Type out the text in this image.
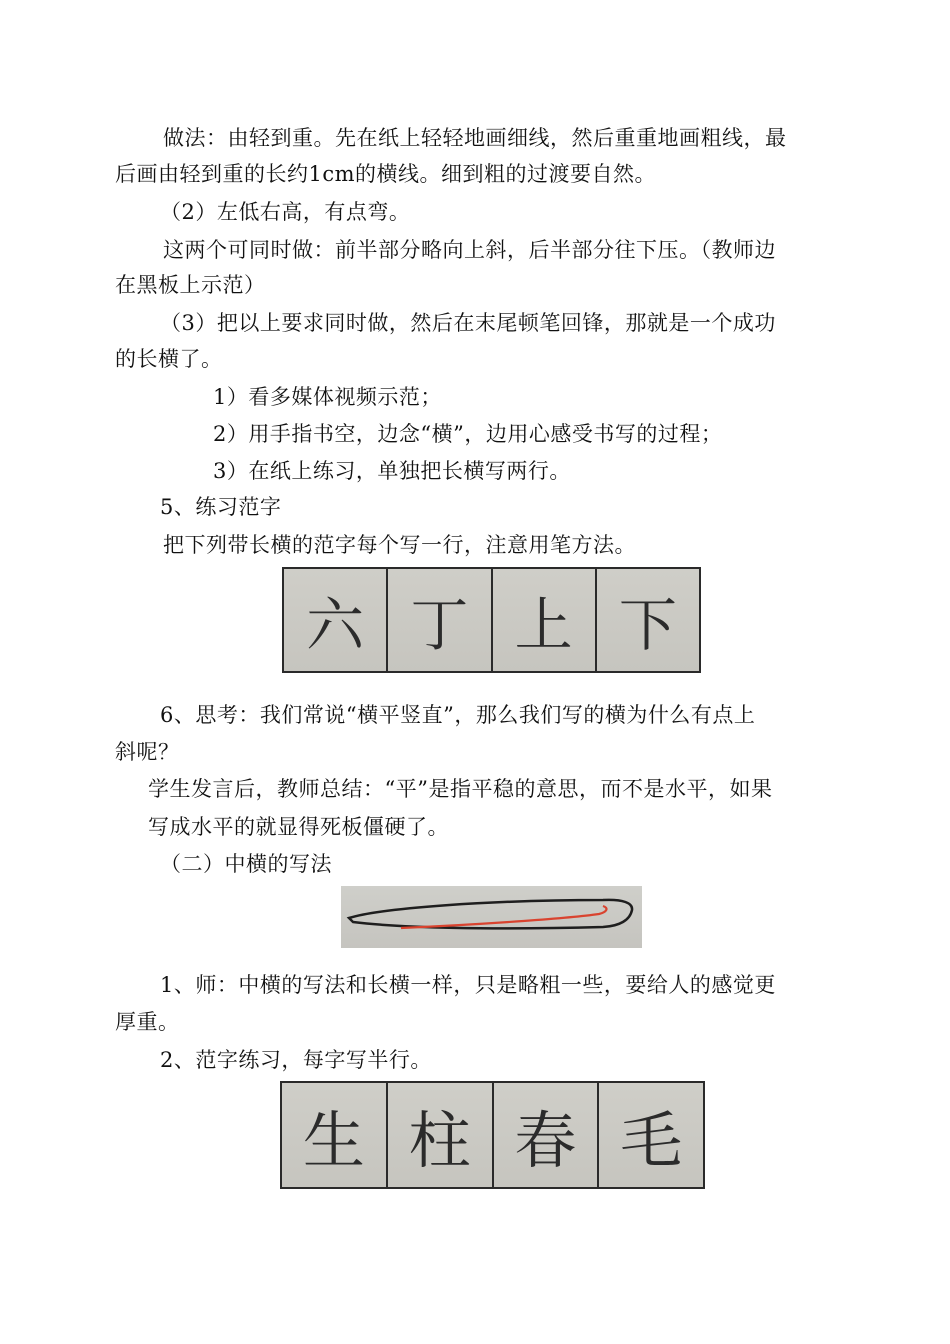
做法：由轻到重。先在纸上轻轻地画细线，然后重重地画粗线，最
后画由轻到重的长约1cm的横线。细到粗的过渡要自然。
（2）左低右高，有点弯。
这两个可同时做：前半部分略向上斜，后半部分往下压。（教师边
在黑板上示范）
（3）把以上要求同时做，然后在末尾顿笔回锋，那就是一个成功
的长横了。
1）看多媒体视频示范；
2）用手指书空，边念“横”，边用心感受书写的过程；
3）在纸上练习，单独把长横写两行。
5、练习范字
把下列带长横的范字每个写一行，注意用笔方法。
六 丁 上 下
6、思考：我们常说“横平竖直”，那么我们写的横为什么有点上
斜呢？
学生发言后，教师总结：“平”是指平稳的意思，而不是水平，如果
写成水平的就显得死板僵硬了。
（二）中横的写法
1、师：中横的写法和长横一样，只是略粗一些，要给人的感觉更
厚重。
2、范字练习，每字写半行。
生 柱 春 毛
